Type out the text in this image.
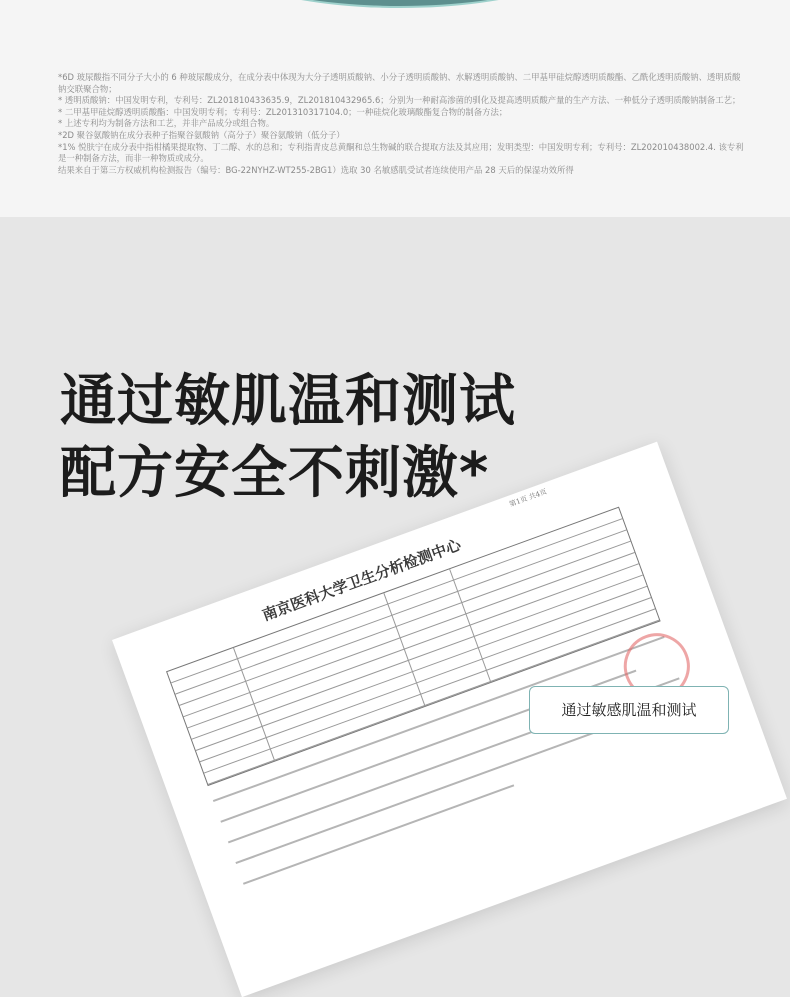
*6D 玻尿酸指不同分子大小的 6 种玻尿酸成分，在成分表中体现为大分子透明质酸钠、小分子透明质酸钠、水解透明质酸钠、二甲基甲硅烷醇透明质酸酯、乙酰化透明质酸钠、透明质酸钠交联聚合物；

* 透明质酸钠：中国发明专利，专利号：ZL201810433635.9，ZL201810432965.6；分别为一种耐高渗菌的驯化及提高透明质酸产量的生产方法、一种低分子透明质酸钠制备工艺；

* 二甲基甲硅烷醇透明质酸酯：中国发明专利；专利号：ZL201310317104.0；一种硅烷化玻璃酸酯复合物的制备方法；

* 上述专利均为制备方法和工艺，并非产品成分或组合物。

*2D 聚谷氨酸钠在成分表种子指聚谷氨酸钠（高分子）聚谷氨酸钠（低分子）

*1% 悦肤宁在成分表中指柑橘果提取物、丁二醇、水的总和；专利指青皮总黄酮和总生物碱的联合提取方法及其应用；发明类型：中国发明专利；专利号：ZL202010438002.4. 该专利是一种制备方法，而非一种物质或成分。

结果来自于第三方权威机构检测报告（编号：BG-22NYHZ-WT255-2BG1）选取 30 名敏感肌受试者连续使用产品 28 天后的保湿功效所得

通过敏肌温和测试
配方安全不刺激*	第1页 共4页
南京医科大学卫生分析检测中心
通过敏感肌温和测试
